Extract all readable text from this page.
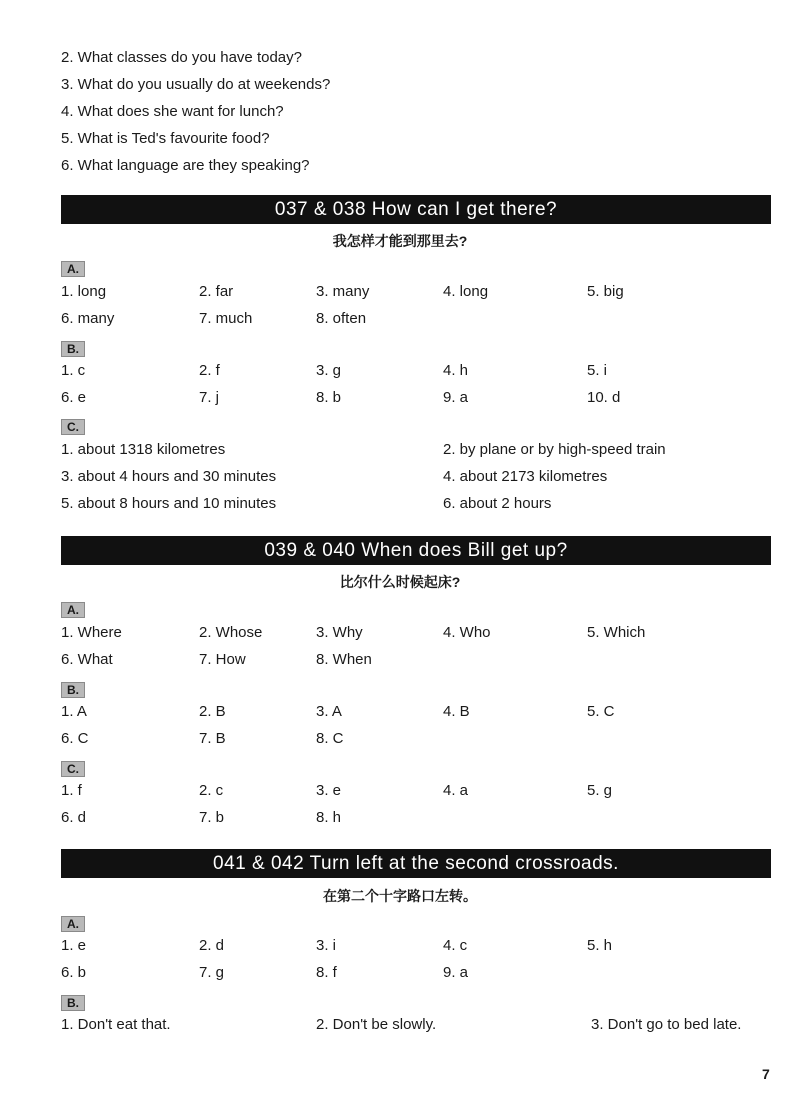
2. What classes do you have today?
3. What do you usually do at weekends?
4. What does she want for lunch?
5. What is Ted's favourite food?
6. What language are they speaking?
037 & 038 How can I get there?
我怎样才能到那里去?
A.
1. long	2. far	3. many	4. long	5. big
6. many	7. much	8. often
B.
1. c	2. f	3. g	4. h	5. i
6. e	7. j	8. b	9. a	10. d
C.
1. about 1318 kilometres	2. by plane or by high-speed train
3. about 4 hours and 30 minutes	4. about 2173 kilometres
5. about 8 hours and 10 minutes	6. about 2 hours
039 & 040 When does Bill get up?
比尔什么时候起床?
A.
1. Where	2. Whose	3. Why	4. Who	5. Which
6. What	7. How	8. When
B.
1. A	2. B	3. A	4. B	5. C
6. C	7. B	8. C
C.
1. f	2. c	3. e	4. a	5. g
6. d	7. b	8. h
041 & 042 Turn left at the second crossroads.
在第二个十字路口左转。
A.
1. e	2. d	3. i	4. c	5. h
6. b	7. g	8. f	9. a
B.
1. Don't eat that.	2. Don't be slowly.	3. Don't go to bed late.
7
